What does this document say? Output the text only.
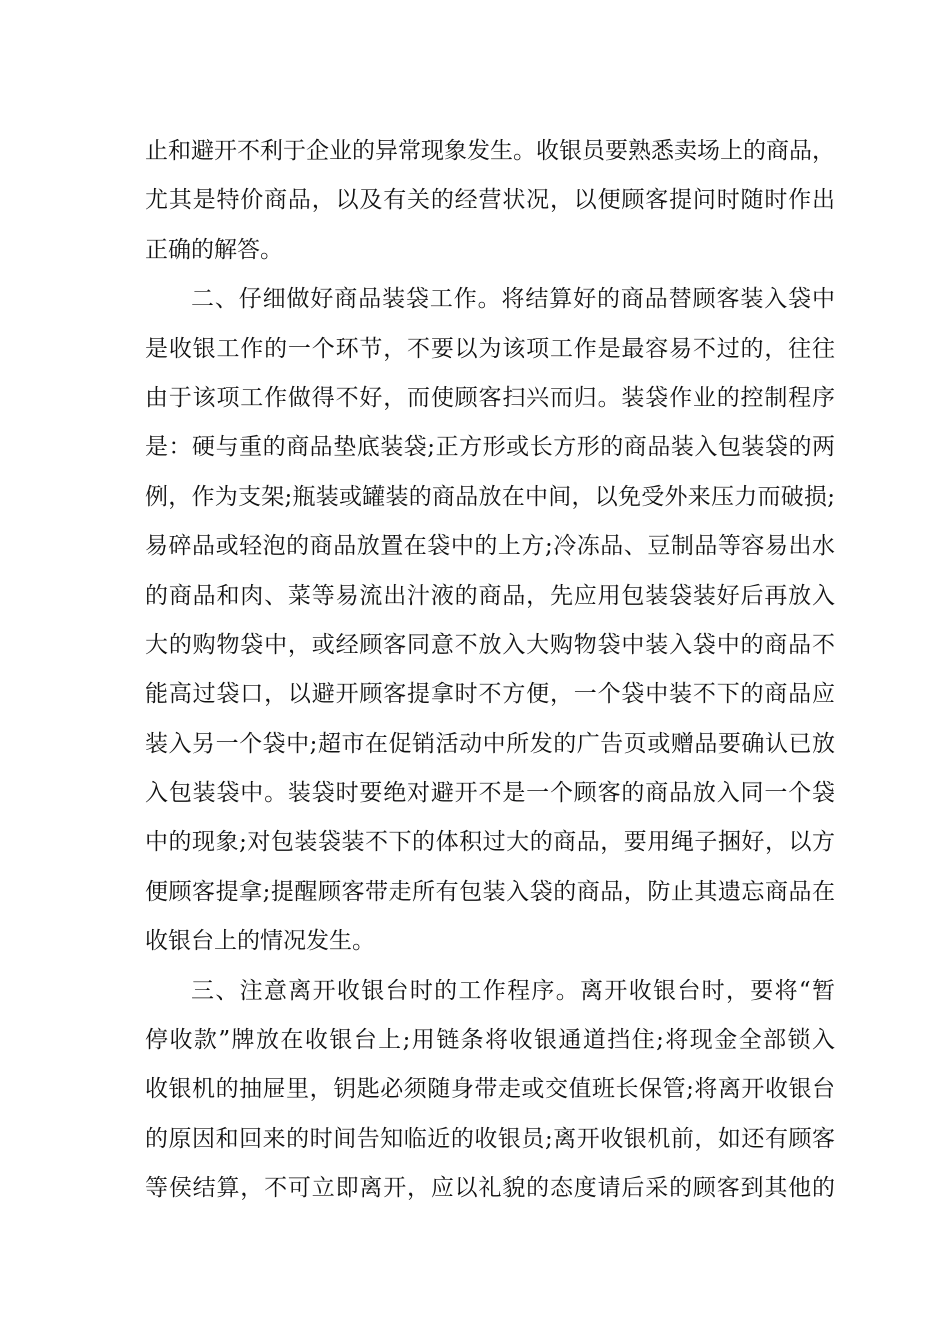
止和避开不利于企业的异常现象发生。收银员要熟悉卖场上的商品，
尤其是特价商品，以及有关的经营状况，以便顾客提问时随时作出
正确的解答。
二、仔细做好商品装袋工作。将结算好的商品替顾客装入袋中
是收银工作的一个环节，不要以为该项工作是最容易不过的，往往
由于该项工作做得不好，而使顾客扫兴而归。装袋作业的控制程序
是：硬与重的商品垫底装袋;正方形或长方形的商品装入包装袋的两
例，作为支架;瓶装或罐装的商品放在中间，以免受外来压力而破损;
易碎品或轻泡的商品放置在袋中的上方;冷冻品、豆制品等容易出水
的商品和肉、菜等易流出汁液的商品，先应用包装袋装好后再放入
大的购物袋中，或经顾客同意不放入大购物袋中装入袋中的商品不
能高过袋口，以避开顾客提拿时不方便，一个袋中装不下的商品应
装入另一个袋中;超市在促销活动中所发的广告页或赠品要确认已放
入包装袋中。装袋时要绝对避开不是一个顾客的商品放入同一个袋
中的现象;对包装袋装不下的体积过大的商品，要用绳子捆好，以方
便顾客提拿;提醒顾客带走所有包装入袋的商品，防止其遗忘商品在
收银台上的情况发生。
三、注意离开收银台时的工作程序。离开收银台时，要将“暂
停收款”牌放在收银台上;用链条将收银通道挡住;将现金全部锁入
收银机的抽屉里，钥匙必须随身带走或交值班长保管;将离开收银台
的原因和回来的时间告知临近的收银员;离开收银机前，如还有顾客
等侯结算，不可立即离开，应以礼貌的态度请后采的顾客到其他的
